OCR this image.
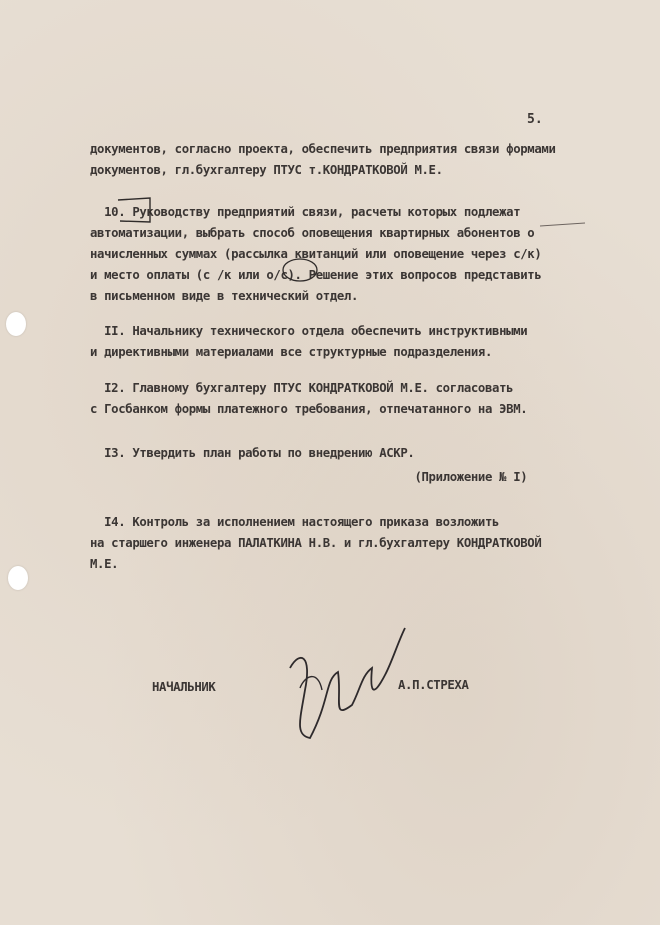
5.
документов, согласно проекта, обеспечить предприятия связи формами
документов, гл.бухгалтеру ПТУС т.КОНДРАТКОВОЙ М.Е.
10. Руководству предприятий связи, расчеты которых подлежат
автоматизации, выбрать способ оповещения квартирных абонентов о
начисленных суммах (рассылка квитанций или оповещение через с/к)
и место оплаты (с /к или о/с). Решение этих вопросов представить
в письменном виде в технический отдел.
II. Начальнику технического отдела обеспечить инструктивными
и директивными материалами все структурные подразделения.
I2. Главному бухгалтеру ПТУС КОНДРАТКОВОЙ М.Е. согласовать
с Госбанком формы платежного требования, отпечатанного на ЭВМ.
I3. Утвердить план работы по внедрению АСКР.
(Приложение № I)
I4. Контроль за исполнением настоящего приказа возложить
на старшего инженера ПАЛАТКИНА Н.В. и гл.бухгалтеру КОНДРАТКОВОЙ
М.Е.
НАЧАЛЬНИК	А.П.СТРЕХА
